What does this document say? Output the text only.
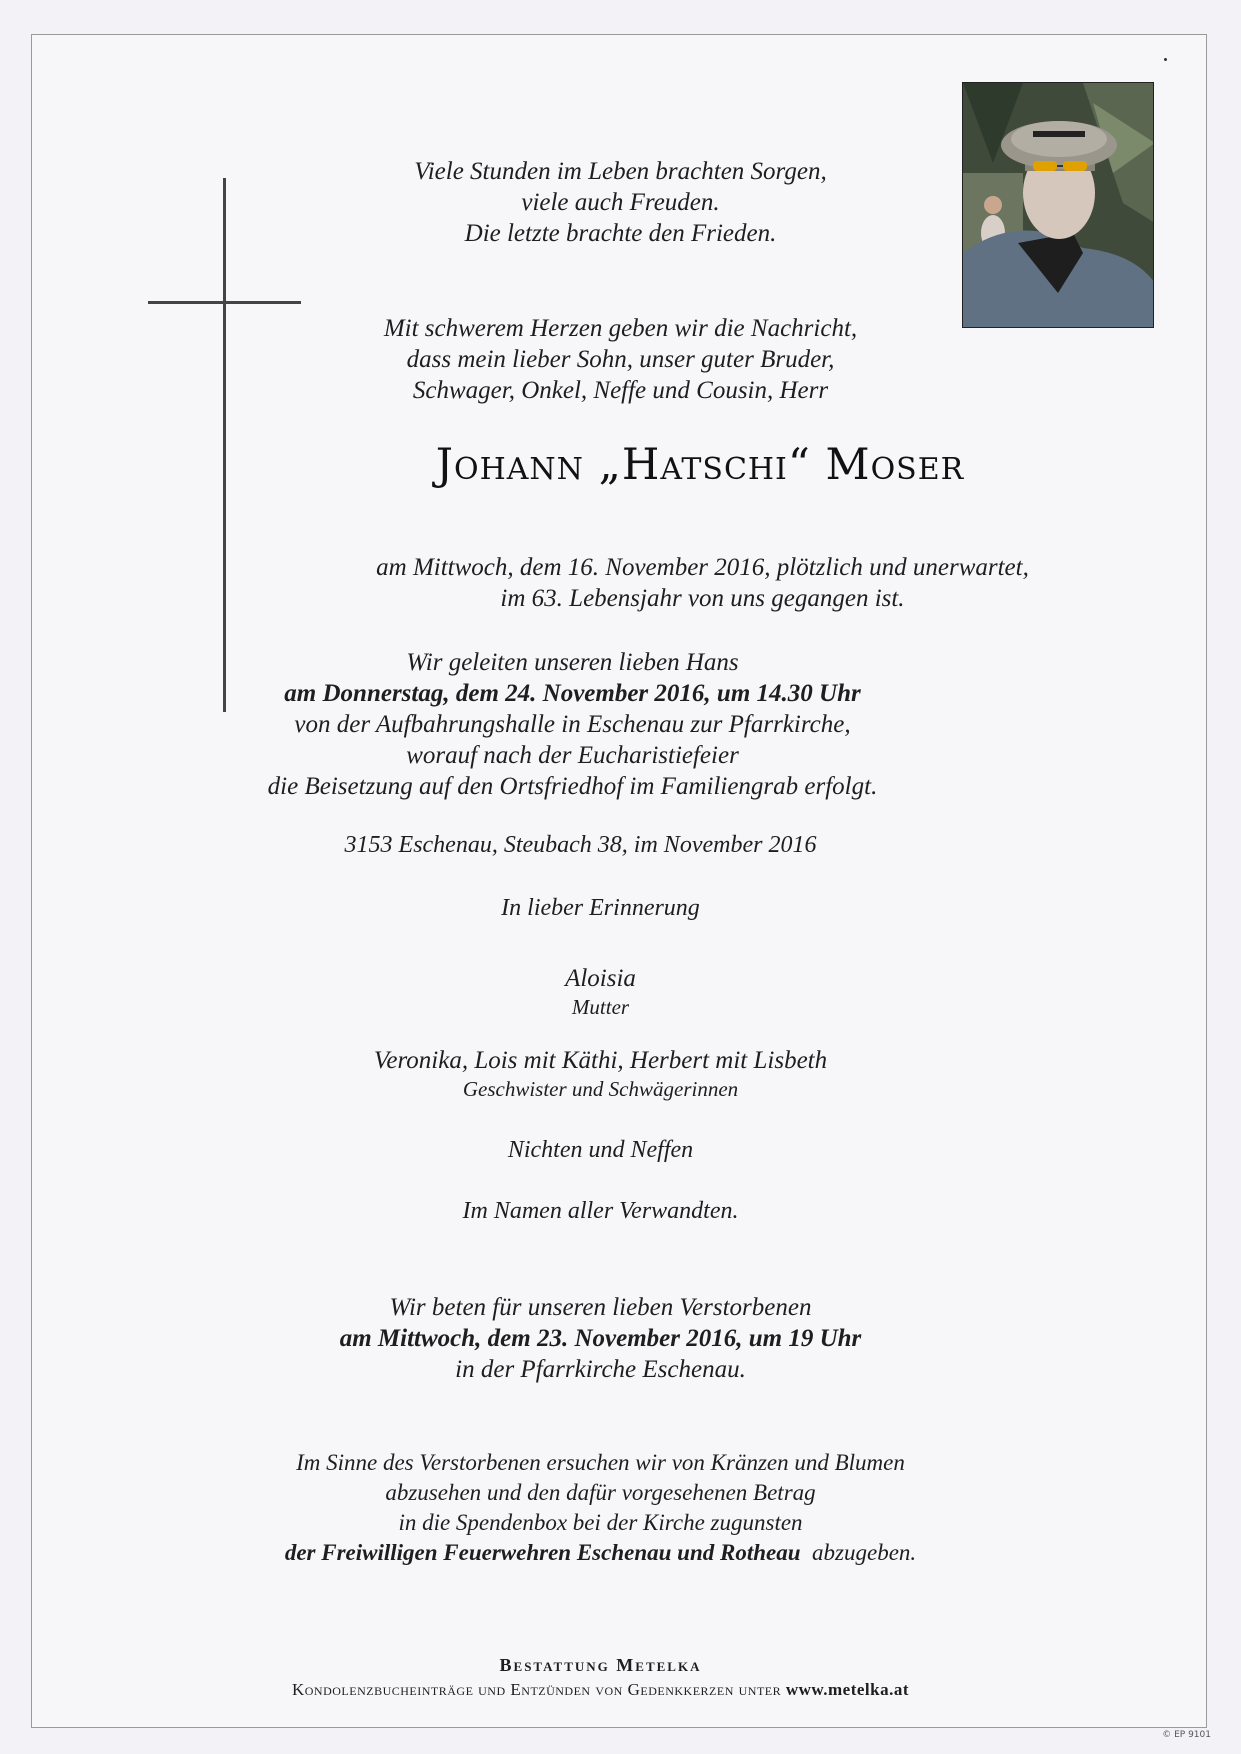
Viele Stunden im Leben brachten Sorgen,
viele auch Freuden.
Die letzte brachte den Frieden.
Mit schwerem Herzen geben wir die Nachricht,
dass mein lieber Sohn, unser guter Bruder,
Schwager, Onkel, Neffe und Cousin, Herr
Johann „Hatschi“ Moser
am Mittwoch, dem 16. November 2016, plötzlich und unerwartet,
im 63. Lebensjahr von uns gegangen ist.
Wir geleiten unseren lieben Hans
am Donnerstag, dem 24. November 2016, um 14.30 Uhr
von der Aufbahrungshalle in Eschenau zur Pfarrkirche,
worauf nach der Eucharistiefeier
die Beisetzung auf den Ortsfriedhof im Familiengrab erfolgt.
3153 Eschenau, Steubach 38, im November 2016
In lieber Erinnerung
Aloisia
Mutter
Veronika, Lois mit Käthi, Herbert mit Lisbeth
Geschwister und Schwägerinnen
Nichten und Neffen
Im Namen aller Verwandten.
Wir beten für unseren lieben Verstorbenen
am Mittwoch, dem 23. November 2016, um 19 Uhr
in der Pfarrkirche Eschenau.
Im Sinne des Verstorbenen ersuchen wir von Kränzen und Blumen
abzusehen und den dafür vorgesehenen Betrag
in die Spendenbox bei der Kirche zugunsten
der Freiwilligen Feuerwehren Eschenau und Rotheau abzugeben.
Bestattung Metelka
Kondolenzbucheinträge und Entzünden von Gedenkkerzen unter www.metelka.at
© EP 9101
